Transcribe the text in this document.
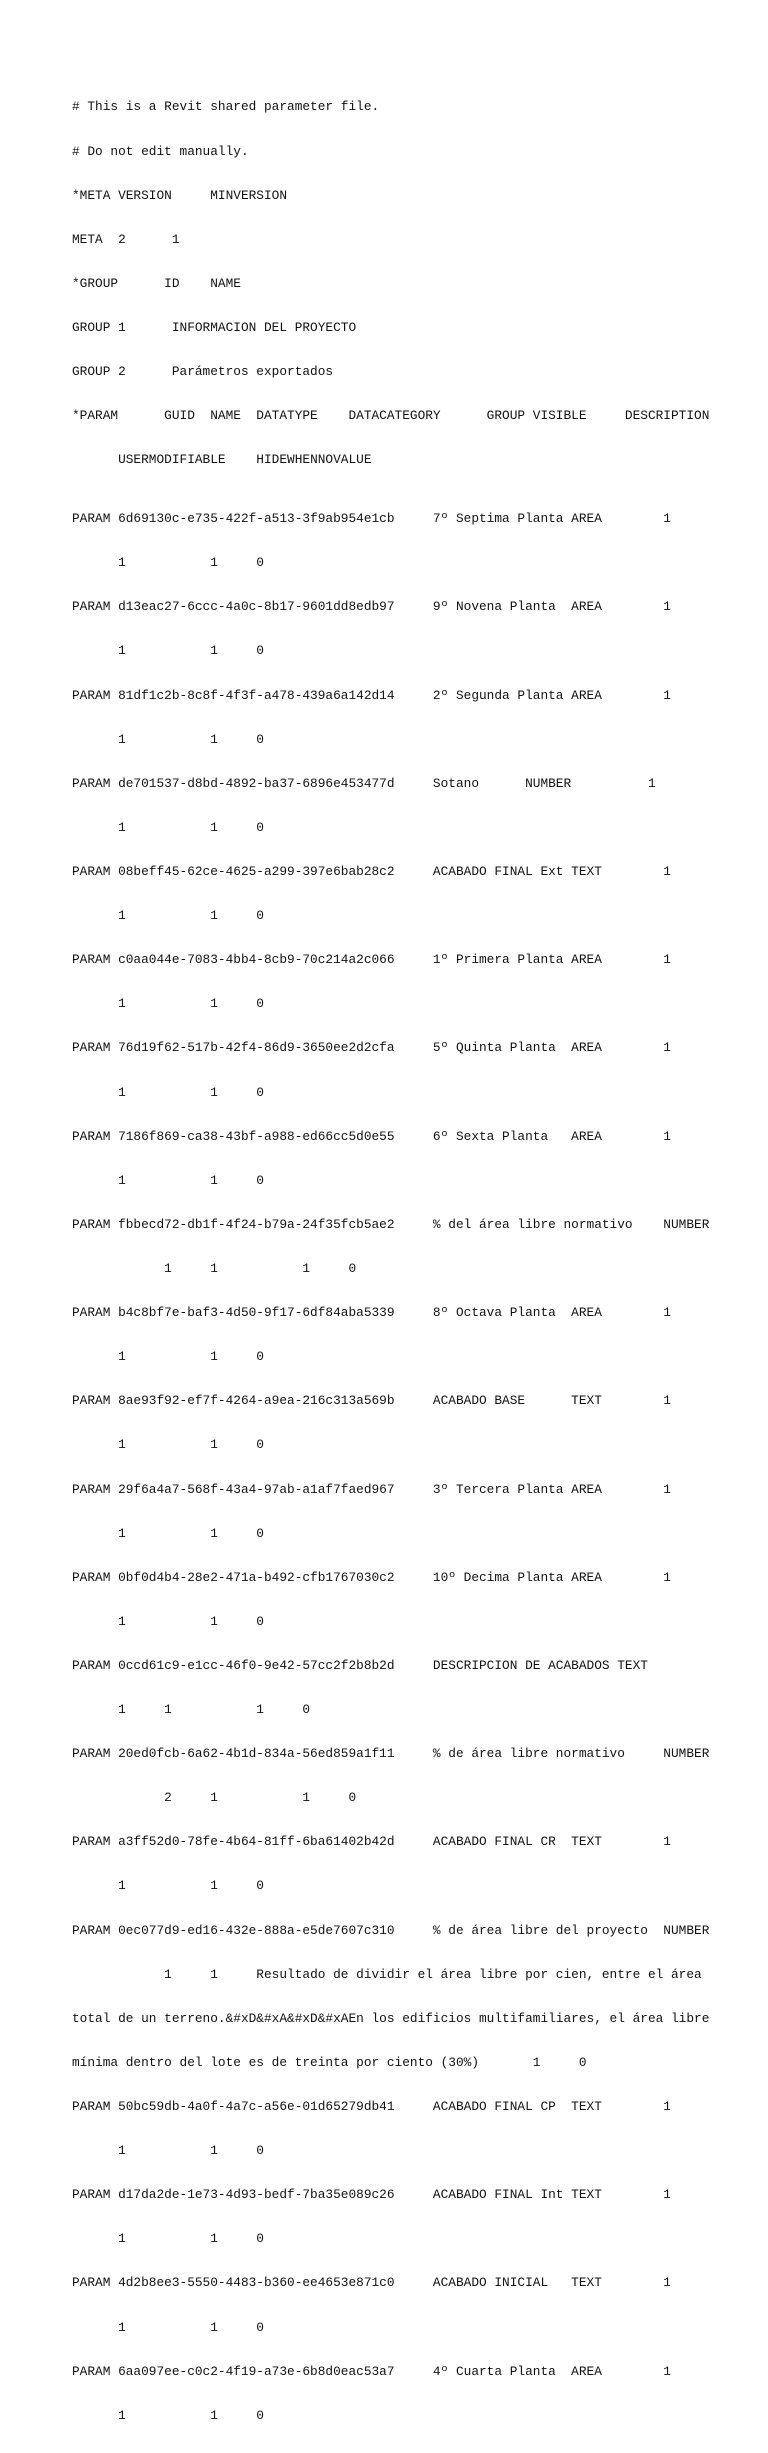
# This is a Revit shared parameter file.

# Do not edit manually.

*META VERSION     MINVERSION

META  2      1

*GROUP      ID    NAME

GROUP 1      INFORMACION DEL PROYECTO

GROUP 2      Parámetros exportados

*PARAM      GUID  NAME  DATATYPE    DATACATEGORY      GROUP VISIBLE     DESCRIPTION

USERMODIFIABLE    HIDEWHENNOVALUE

PARAM 6d69130c-e735-422f-a513-3f9ab954e1cb     7º Septima Planta AREA        1

1           1     0

PARAM d13eac27-6ccc-4a0c-8b17-9601dd8edb97     9º Novena Planta  AREA        1

1           1     0

PARAM 81df1c2b-8c8f-4f3f-a478-439a6a142d14     2º Segunda Planta AREA        1

1           1     0

PARAM de701537-d8bd-4892-ba37-6896e453477d     Sotano      NUMBER          1

1           1     0

PARAM 08beff45-62ce-4625-a299-397e6bab28c2     ACABADO FINAL Ext TEXT        1

1           1     0

PARAM c0aa044e-7083-4bb4-8cb9-70c214a2c066     1º Primera Planta AREA        1

1           1     0

PARAM 76d19f62-517b-42f4-86d9-3650ee2d2cfa     5º Quinta Planta  AREA        1

1           1     0

PARAM 7186f869-ca38-43bf-a988-ed66cc5d0e55     6º Sexta Planta   AREA        1

1           1     0

PARAM fbbecd72-db1f-4f24-b79a-24f35fcb5ae2     % del área libre normativo    NUMBER

1     1           1     0

PARAM b4c8bf7e-baf3-4d50-9f17-6df84aba5339     8º Octava Planta  AREA        1

1           1     0

PARAM 8ae93f92-ef7f-4264-a9ea-216c313a569b     ACABADO BASE      TEXT        1

1           1     0

PARAM 29f6a4a7-568f-43a4-97ab-a1af7faed967     3º Tercera Planta AREA        1

1           1     0

PARAM 0bf0d4b4-28e2-471a-b492-cfb1767030c2     10º Decima Planta AREA        1

1           1     0

PARAM 0ccd61c9-e1cc-46f0-9e42-57cc2f2b8b2d     DESCRIPCION DE ACABADOS TEXT

1     1           1     0

PARAM 20ed0fcb-6a62-4b1d-834a-56ed859a1f11     % de área libre normativo     NUMBER

2     1           1     0

PARAM a3ff52d0-78fe-4b64-81ff-6ba61402b42d     ACABADO FINAL CR  TEXT        1

1           1     0

PARAM 0ec077d9-ed16-432e-888a-e5de7607c310     % de área libre del proyecto  NUMBER

1     1     Resultado de dividir el área libre por cien, entre el área

total de un terreno.&#xD&#xA&#xD&#xAEn los edificios multifamiliares, el área libre

mínima dentro del lote es de treinta por ciento (30%)       1     0

PARAM 50bc59db-4a0f-4a7c-a56e-01d65279db41     ACABADO FINAL CP  TEXT        1

1           1     0

PARAM d17da2de-1e73-4d93-bedf-7ba35e089c26     ACABADO FINAL Int TEXT        1

1           1     0

PARAM 4d2b8ee3-5550-4483-b360-ee4653e871c0     ACABADO INICIAL   TEXT        1

1           1     0

PARAM 6aa097ee-c0c2-4f19-a73e-6b8d0eac53a7     4º Cuarta Planta  AREA        1

1           1     0
